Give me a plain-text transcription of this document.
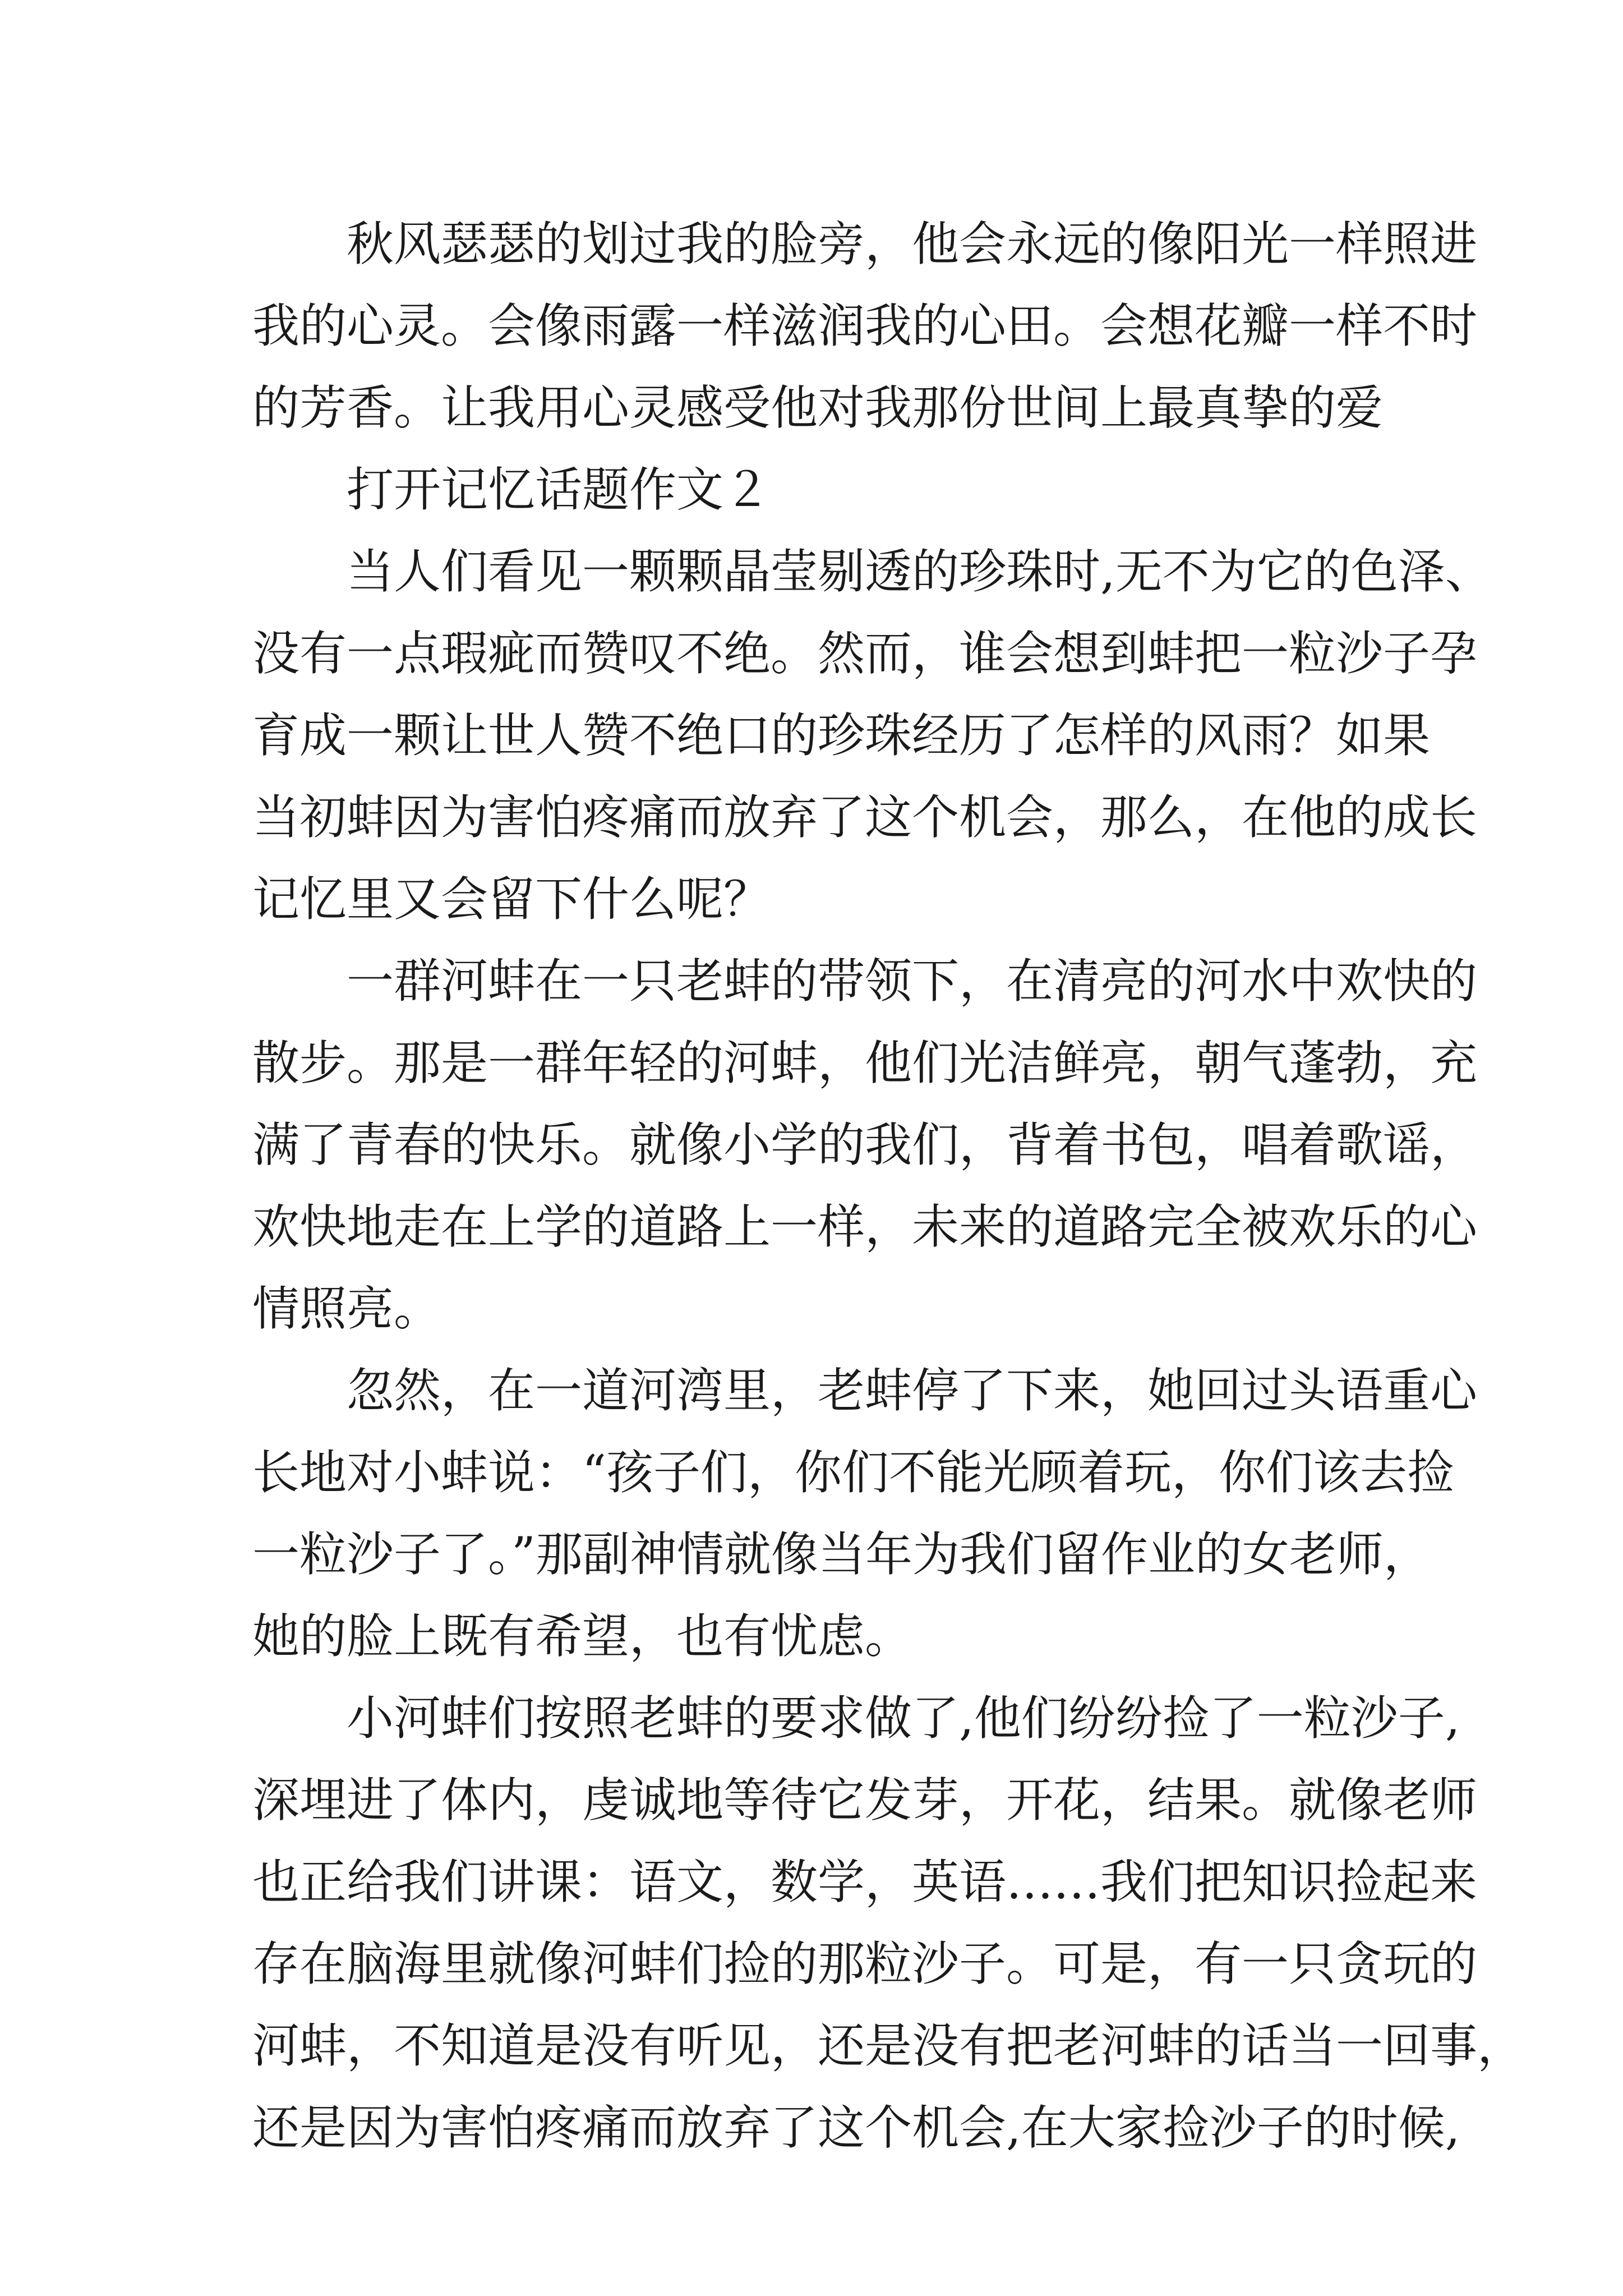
秋风瑟瑟的划过我的脸旁，他会永远的像阳光一样照进
我的心灵。会像雨露一样滋润我的心田。会想花瓣一样不时
的芳香。让我用心灵感受他对我那份世间上最真挚的爱
打开记忆话题作文２
当人们看见一颗颗晶莹剔透的珍珠时,无不为它的色泽、
没有一点瑕疵而赞叹不绝。然而，谁会想到蚌把一粒沙子孕
育成一颗让世人赞不绝口的珍珠经历了怎样的风雨？如果
当初蚌因为害怕疼痛而放弃了这个机会，那么，在他的成长
记忆里又会留下什么呢？
一群河蚌在一只老蚌的带领下，在清亮的河水中欢快的
散步。那是一群年轻的河蚌，他们光洁鲜亮，朝气蓬勃，充
满了青春的快乐。就像小学的我们，背着书包，唱着歌谣，
欢快地走在上学的道路上一样，未来的道路完全被欢乐的心
情照亮。
忽然，在一道河湾里，老蚌停了下来，她回过头语重心
长地对小蚌说：“孩子们，你们不能光顾着玩，你们该去捡
一粒沙子了。”那副神情就像当年为我们留作业的女老师，
她的脸上既有希望，也有忧虑。
小河蚌们按照老蚌的要求做了,他们纷纷捡了一粒沙子,
深埋进了体内，虔诚地等待它发芽，开花，结果。就像老师
也正给我们讲课：语文，数学，英语……我们把知识捡起来
存在脑海里就像河蚌们捡的那粒沙子。可是，有一只贪玩的
河蚌，不知道是没有听见，还是没有把老河蚌的话当一回事，
还是因为害怕疼痛而放弃了这个机会,在大家捡沙子的时候,
